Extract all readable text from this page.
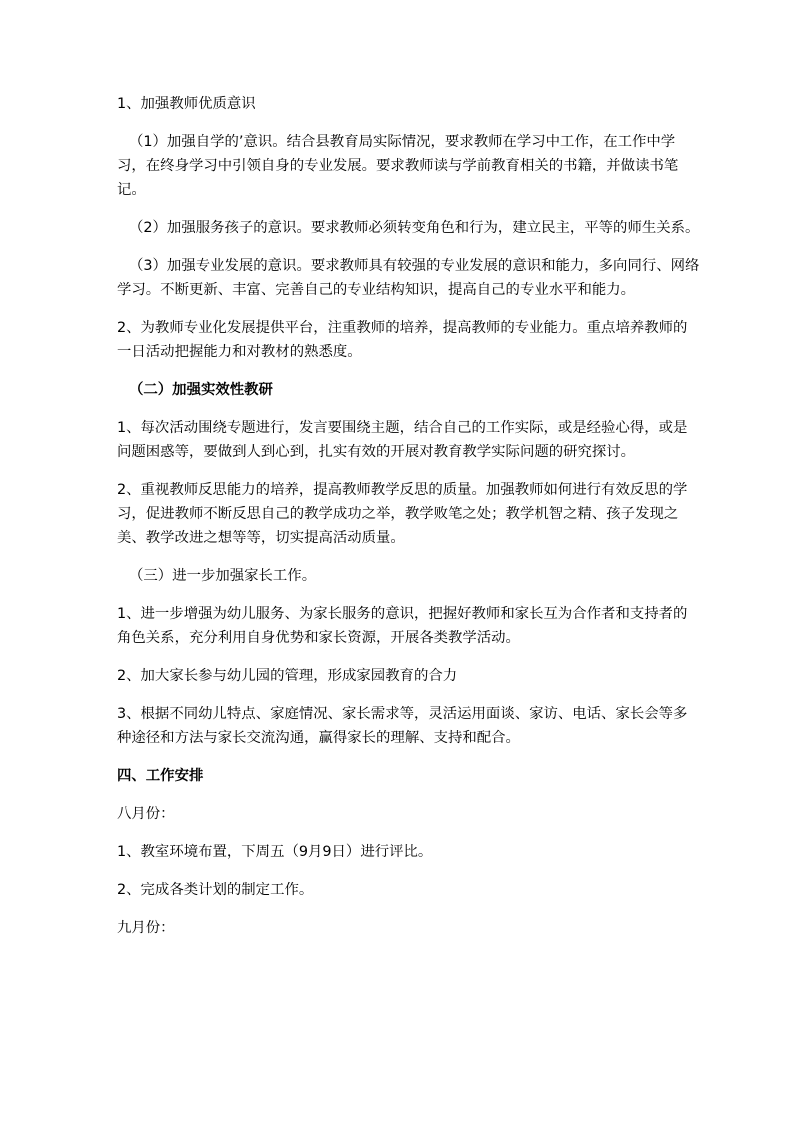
1、加强教师优质意识

（1）加强自学的’意识。结合县教育局实际情况，要求教师在学习中工作，在工作中学习，在终身学习中引领自身的专业发展。要求教师读与学前教育相关的书籍，并做读书笔记。

（2）加强服务孩子的意识。要求教师必须转变角色和行为，建立民主，平等的师生关系。

（3）加强专业发展的意识。要求教师具有较强的专业发展的意识和能力，多向同行、网络学习。不断更新、丰富、完善自己的专业结构知识，提高自己的专业水平和能力。

2、为教师专业化发展提供平台，注重教师的培养，提高教师的专业能力。重点培养教师的一日活动把握能力和对教材的熟悉度。

（二）加强实效性教研

1、每次活动围绕专题进行，发言要围绕主题，结合自己的工作实际，或是经验心得，或是问题困惑等，要做到人到心到，扎实有效的开展对教育教学实际问题的研究探讨。

2、重视教师反思能力的培养，提高教师教学反思的质量。加强教师如何进行有效反思的学习，促进教师不断反思自己的教学成功之举，教学败笔之处；教学机智之精、孩子发现之美、教学改进之想等等，切实提高活动质量。

（三）进一步加强家长工作。

1、进一步增强为幼儿服务、为家长服务的意识，把握好教师和家长互为合作者和支持者的角色关系，充分利用自身优势和家长资源，开展各类教学活动。

2、加大家长参与幼儿园的管理，形成家园教育的合力

3、根据不同幼儿特点、家庭情况、家长需求等，灵活运用面谈、家访、电话、家长会等多种途径和方法与家长交流沟通，赢得家长的理解、支持和配合。

四、工作安排

八月份：

1、教室环境布置，下周五（9月9日）进行评比。

2、完成各类计划的制定工作。

九月份：
